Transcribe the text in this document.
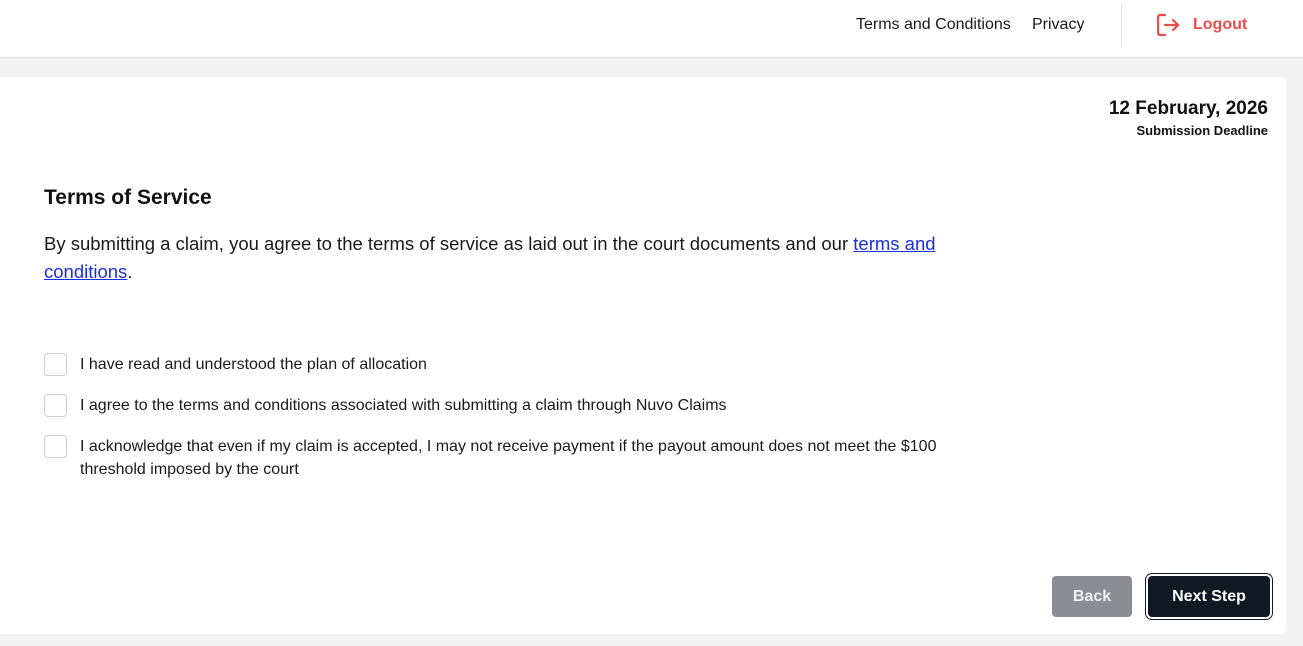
Terms and Conditions Privacy	Logout
12 February, 2026
Submission Deadline
Terms of Service

By submitting a claim, you agree to the terms of service as laid out in the court documents and our terms and conditions.

I have read and understood the plan of allocation
I agree to the terms and conditions associated with submitting a claim through Nuvo Claims
I acknowledge that even if my claim is accepted, I may not receive payment if the payout amount does not meet the $100 threshold imposed by the court
Back	Next Step
